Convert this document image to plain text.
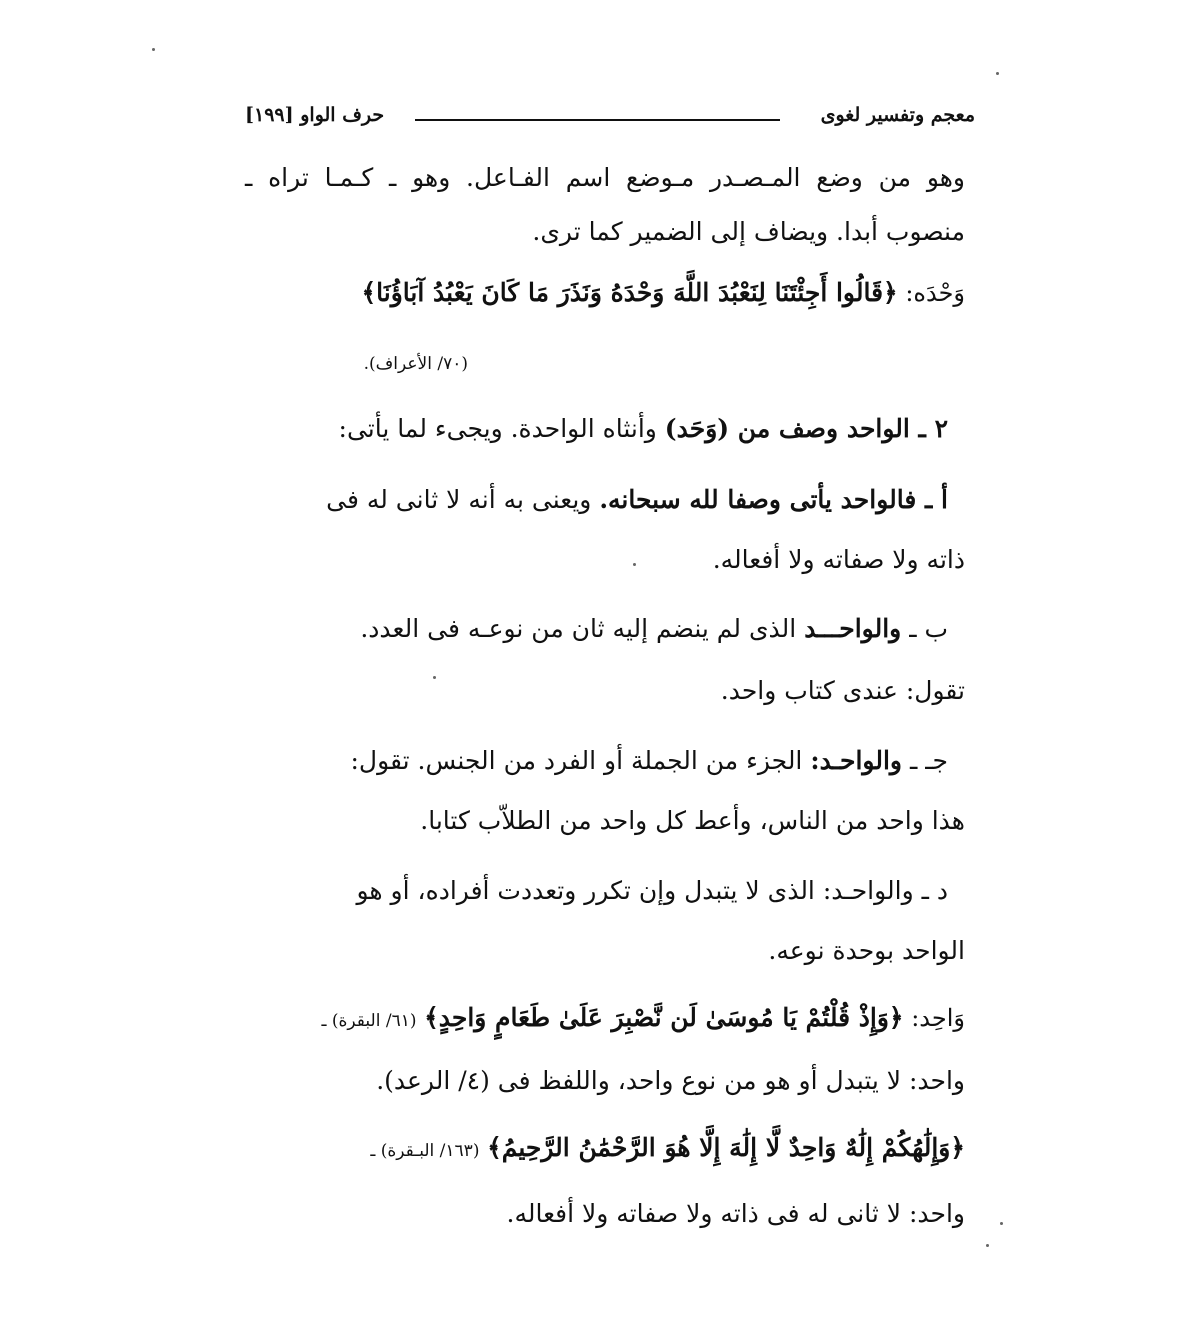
معجم وتفسير لغوى
حرف الواو [١٩٩]
وهو من وضع المـصـدر مـوضع اسم الفـاعل. وهو ـ كـمـا تراه ـ
منصوب أبدا. ويضاف إلى الضمير كما ترى.
وَحْدَه: ﴿قَالُوا أَجِئْتَنَا لِنَعْبُدَ اللَّهَ وَحْدَهُ وَنَذَرَ مَا كَانَ يَعْبُدُ آبَاؤُنَا﴾
(٧٠/ الأعراف).
٢ ـ الواحد وصف من (وَحَد) وأنثاه الواحدة. ويجىء لما يأتى:
أ ـ فالواحد يأتى وصفا لله سبحانه. ويعنى به أنه لا ثانى له فى
ذاته ولا صفاته ولا أفعاله.
ب ـ والواحـــد الذى لم ينضم إليه ثان من نوعـه فى العدد.
تقول: عندى كتاب واحد.
جـ ـ والواحـد: الجزء من الجملة أو الفرد من الجنس. تقول:
هذا واحد من الناس، وأعط كل واحد من الطلاّب كتابا.
د ـ والواحـد: الذى لا يتبدل وإن تكرر وتعددت أفراده، أو هو
الواحد بوحدة نوعه.
وَاحِد: ﴿وَإِذْ قُلْتُمْ يَا مُوسَىٰ لَن نَّصْبِرَ عَلَىٰ طَعَامٍ وَاحِدٍ﴾ (٦١/ البقرة) ـ
واحد: لا يتبدل أو هو من نوع واحد، واللفظ فى (٤/ الرعد).
﴿وَإِلَٰهُكُمْ إِلَٰهٌ وَاحِدٌ لَّا إِلَٰهَ إِلَّا هُوَ الرَّحْمَٰنُ الرَّحِيمُ﴾ (١٦٣/ البـقرة) ـ
واحد: لا ثانى له فى ذاته ولا صفاته ولا أفعاله.
